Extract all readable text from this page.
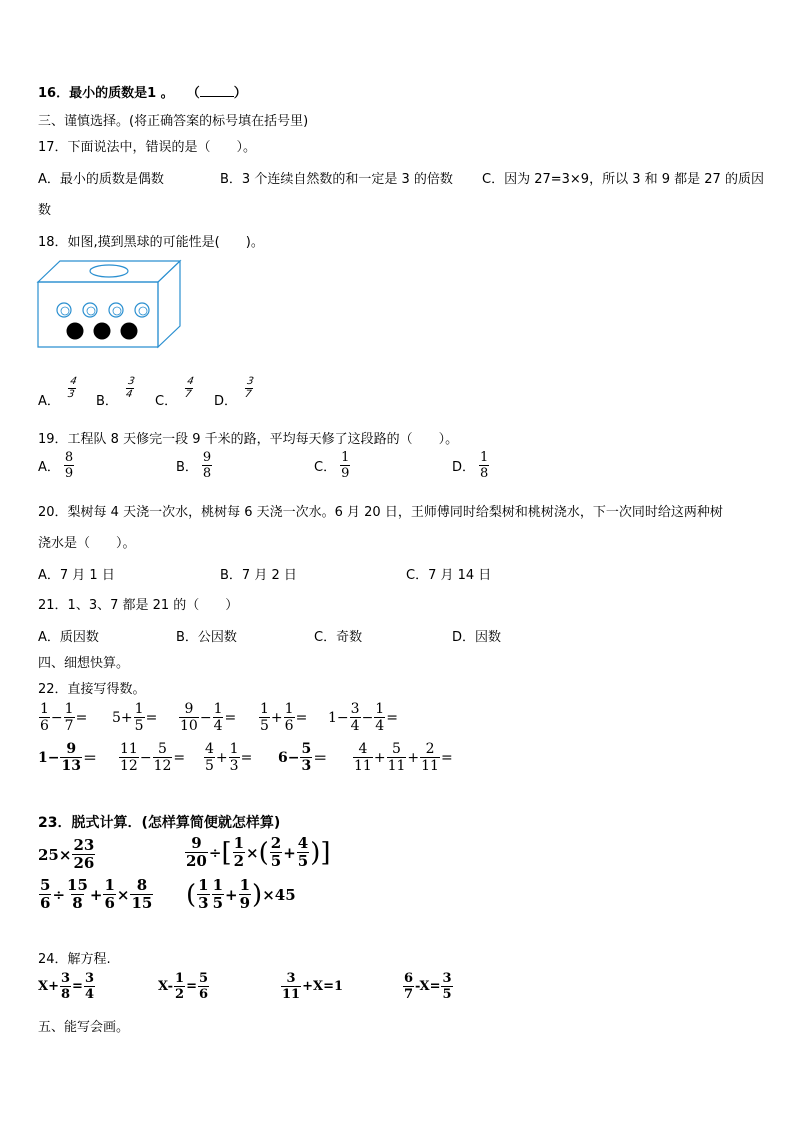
16．最小的质数是1 。　　 （	）
三、谨慎选择。(将正确答案的标号填在括号里)
17．下面说法中，错误的是（　　）。
A．最小的质数是偶数	B．3 个连续自然数的和一定是 3 的倍数 C．因为 27=3×9，所以 3 和 9 都是 27 的质因
数
18．如图,摸到黑球的可能性是(　　)。
A．
$\frac{4}{3}$
B．
$\frac{3}{4}$
C．
$\frac{4}{7}$
D．
$\frac{3}{7}$
19．工程队 8 天修完一段 9 千米的路，平均每天修了这段路的（　　）。
A． $\frac{8}{9}$	B． $\frac{9}{8}$	C． $\frac{1}{9}$	D． $\frac{1}{8}$
20．梨树每 4 天浇一次水，桃树每 6 天浇一次水。6 月 20 日，王师傅同时给梨树和桃树浇水，下一次同时给这两种树
浇水是（　　）。
A．7 月 1 日	B．7 月 2 日	C．7 月 14 日
21．1、3、7 都是 21 的（　　）
A．质因数	B．公因数	C．奇数	D．因数
四、细想快算。
22．直接写得数。
$\frac{1}{6} - \frac{1}{7} = 5+ \frac{1}{5} = \frac{9}{10} - \frac{1}{4} = \frac{1}{5} + \frac{1}{6} = 1- \frac{3}{4} - \frac{1}{4}$ =
$1- \frac{9}{13} = \frac{11}{12} - \frac{5}{12} = \frac{4}{5} + \frac{1}{3} = 6- \frac{5}{3} = \frac{4}{11} + \frac{5}{11} + \frac{2}{11}$ =
23．脱式计算．(怎样算简便就怎样算)
$25\times \frac{23}{26}$	$\frac{9}{20}$ ÷ [ $\frac{1}{2}$ × ( $\frac{2}{5} + \frac{4}{5}$ ) ]
$\frac{5}{6} \div \frac{15}{8} + \frac{1}{6} \times \frac{8}{15}$ ( $\frac{1}{3} \frac{1}{5} + \frac{1}{9}$ ) ×45
24．解方程.
$X+ \frac{3}{8} = \frac{3}{4}$	$X- \frac{1}{2} = \frac{5}{6}$	$\frac{3}{11} +X=1$	$\frac{6}{7} -X= \frac{3}{5}$
五、能写会画。
